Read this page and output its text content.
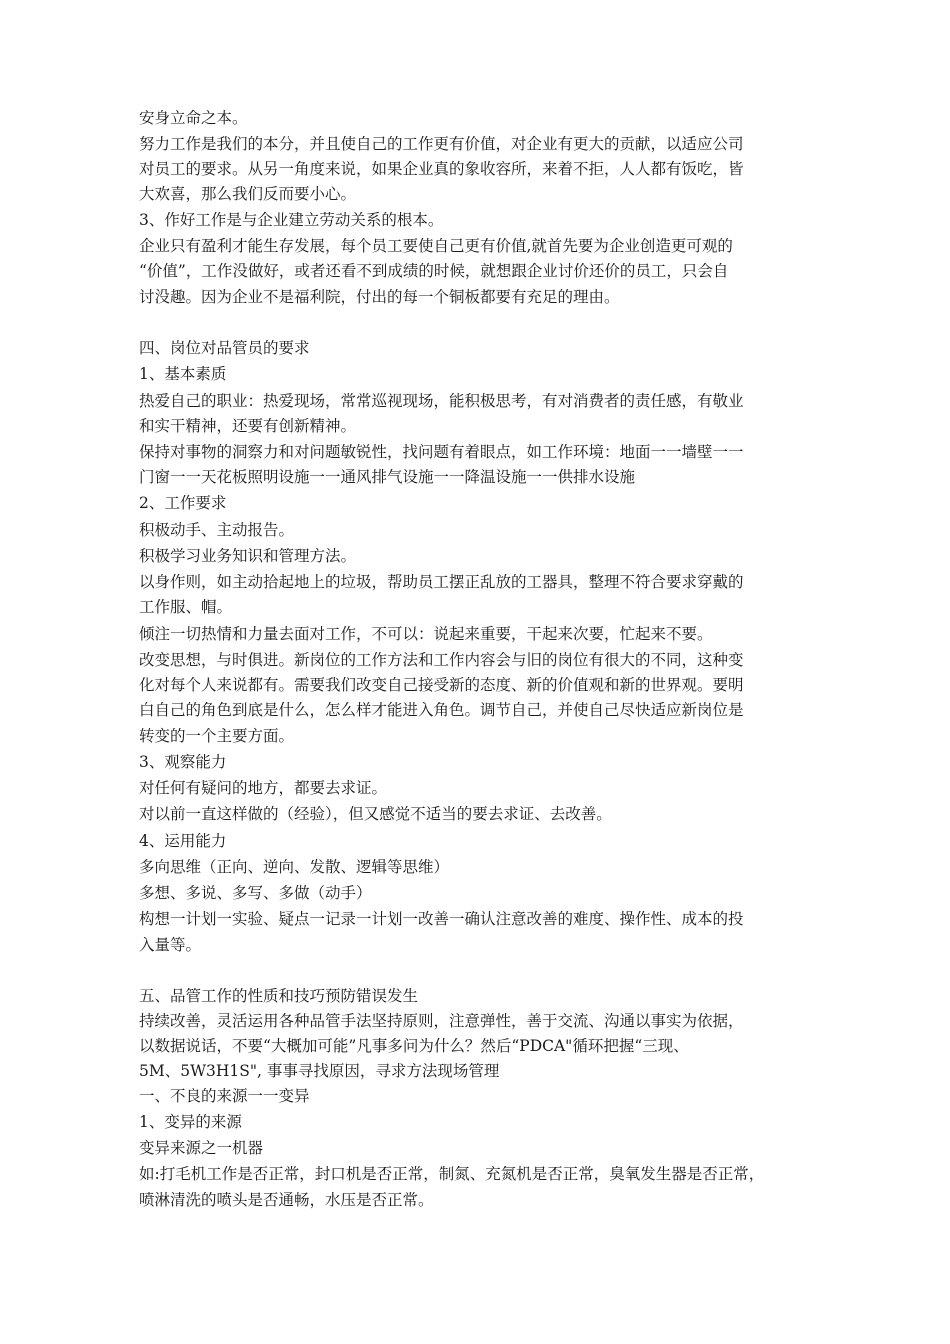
安身立命之本。
努力工作是我们的本分，并且使自己的工作更有价值，对企业有更大的贡献，以适应公司
对员工的要求。从另一角度来说，如果企业真的象收容所，来着不拒，人人都有饭吃，皆
大欢喜，那么我们反而要小心。
3、作好工作是与企业建立劳动关系的根本。
企业只有盈利才能生存发展，每个员工要使自己更有价值,就首先要为企业创造更可观的
“价值”，工作没做好，或者还看不到成绩的时候，就想跟企业讨价还价的员工，只会自
讨没趣。因为企业不是福利院，付出的每一个铜板都要有充足的理由。
四、岗位对品管员的要求
1、基本素质
热爱自己的职业：热爱现场，常常巡视现场，能积极思考，有对消费者的责任感，有敬业
和实干精神，还要有创新精神。
保持对事物的洞察力和对问题敏锐性，找问题有着眼点，如工作环境：地面一一墙壁一一
门窗一一天花板照明设施一一通风排气设施一一降温设施一一供排水设施
2、工作要求
积极动手、主动报告。
积极学习业务知识和管理方法。
以身作则，如主动拾起地上的垃圾，帮助员工摆正乱放的工器具，整理不符合要求穿戴的
工作服、帽。
倾注一切热情和力量去面对工作，不可以：说起来重要，干起来次要，忙起来不要。
改变思想，与时俱进。新岗位的工作方法和工作内容会与旧的岗位有很大的不同，这种变
化对每个人来说都有。需要我们改变自己接受新的态度、新的价值观和新的世界观。要明
白自己的角色到底是什么，怎么样才能进入角色。调节自己，并使自己尽快适应新岗位是
转变的一个主要方面。
3、观察能力
对任何有疑问的地方，都要去求证。
对以前一直这样做的（经验），但又感觉不适当的要去求证、去改善。
4、运用能力
多向思维（正向、逆向、发散、逻辑等思维）
多想、多说、多写、多做（动手）
构想一计划一实验、疑点一记录一计划一改善一确认注意改善的难度、操作性、成本的投
入量等。
五、品管工作的性质和技巧预防错误发生
持续改善，灵活运用各种品管手法坚持原则，注意弹性，善于交流、沟通以事实为依据，
以数据说话，不要“大概加可能”凡事多问为什么？然后“PDCA"循环把握“三现、
5M、5W3H1S", 事事寻找原因，寻求方法现场管理
一、不良的来源一一变异
1、变异的来源
变异来源之一机器
如:打毛机工作是否正常，封口机是否正常，制氮、充氮机是否正常，臭氧发生器是否正常，
喷淋清洗的喷头是否通畅，水压是否正常。
